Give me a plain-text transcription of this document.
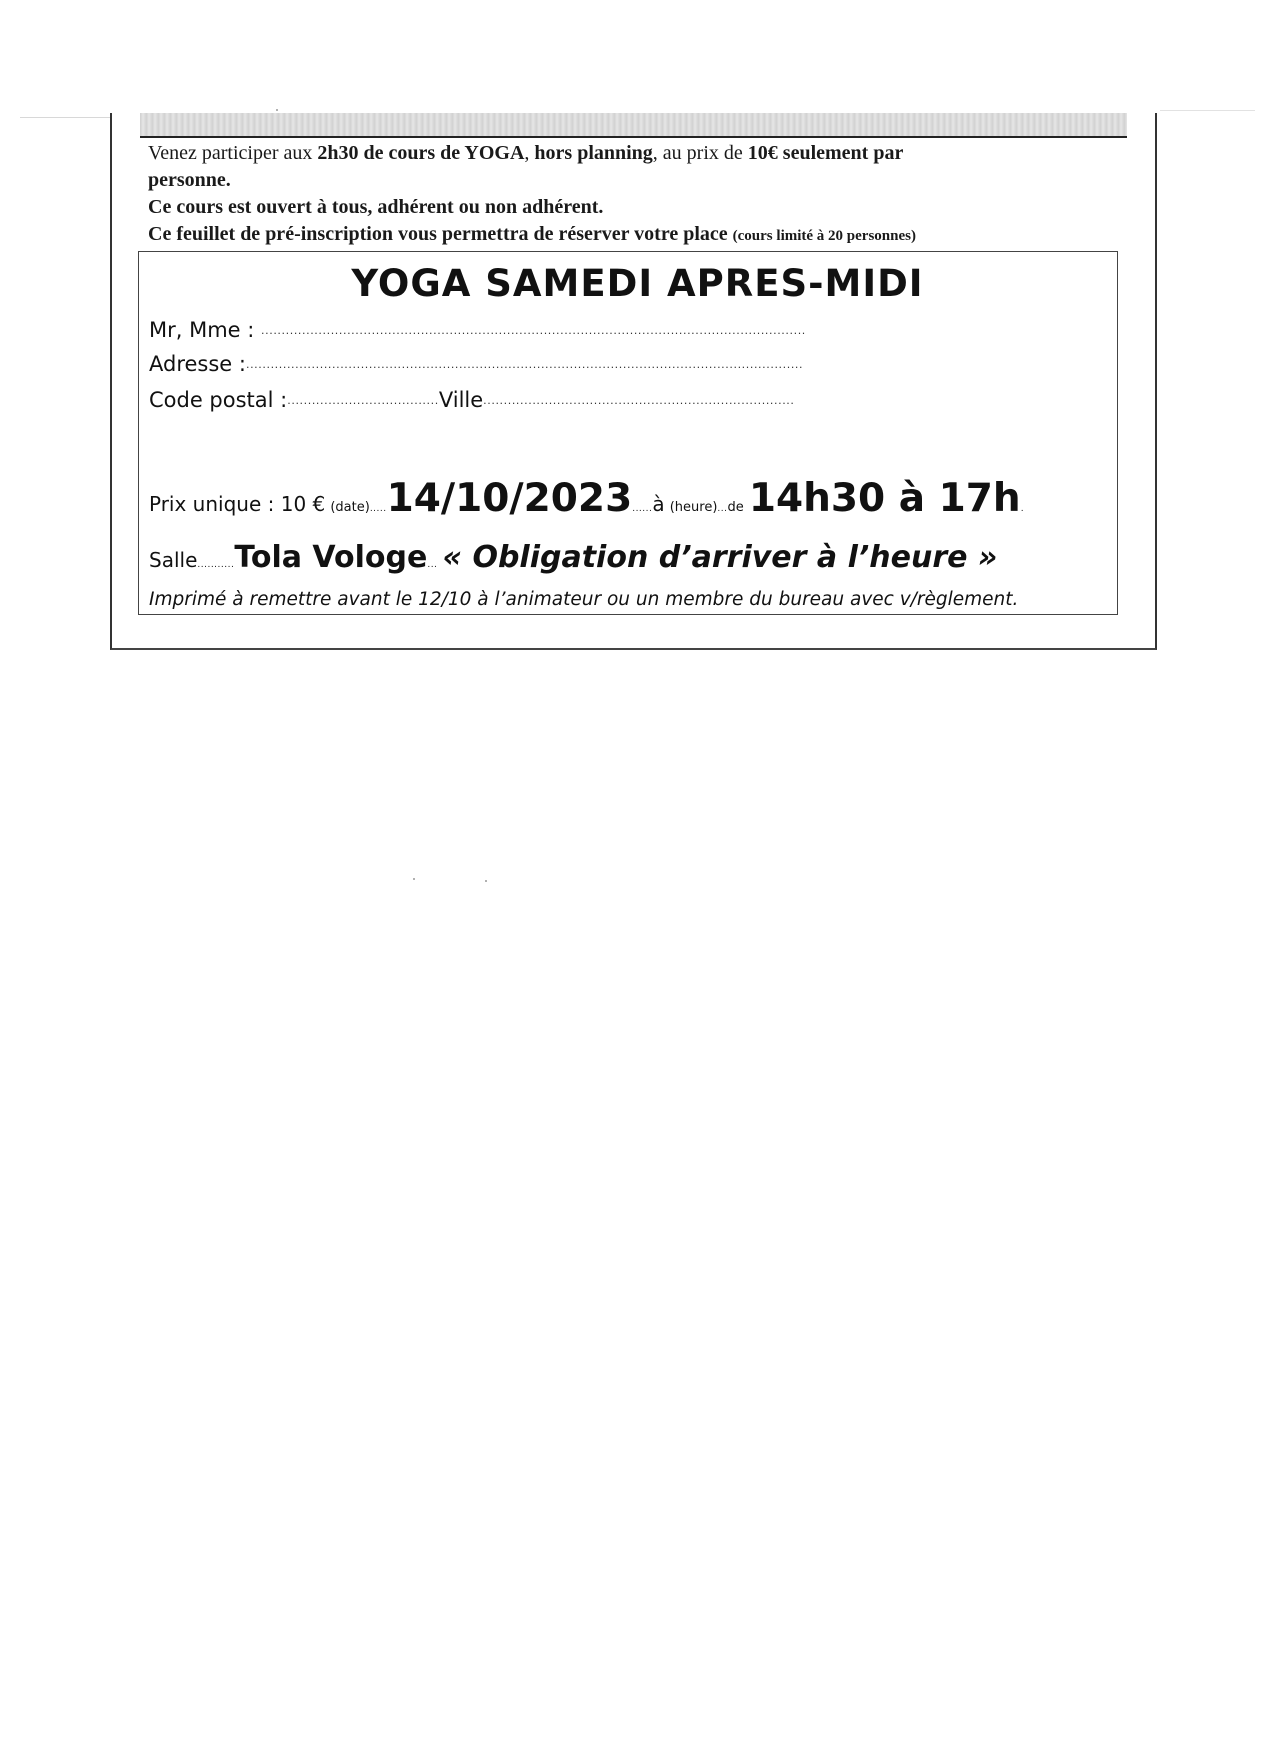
Venez participer aux 2h30 de cours de YOGA, hors planning, au prix de 10€ seulement par

personne.

Ce cours est ouvert à tous, adhérent ou non adhérent.

Ce feuillet de pré-inscription vous permettra de réserver votre place (cours limité à 20 personnes)

YOGA SAMEDI APRES-MIDI
Mr, Mme : .....................................................................................................................................
Adresse :........................................................................................................................................
Code postal :.....................................Ville............................................................................
Prix unique : 10 € (date).....14/10/2023......à (heure)...de 14h30 à 17h.
Salle...........Tola Vologe... « Obligation d’arriver à l’heure »
Imprimé à remettre avant le 12/10 à l’animateur ou un membre du bureau avec v/règlement.
